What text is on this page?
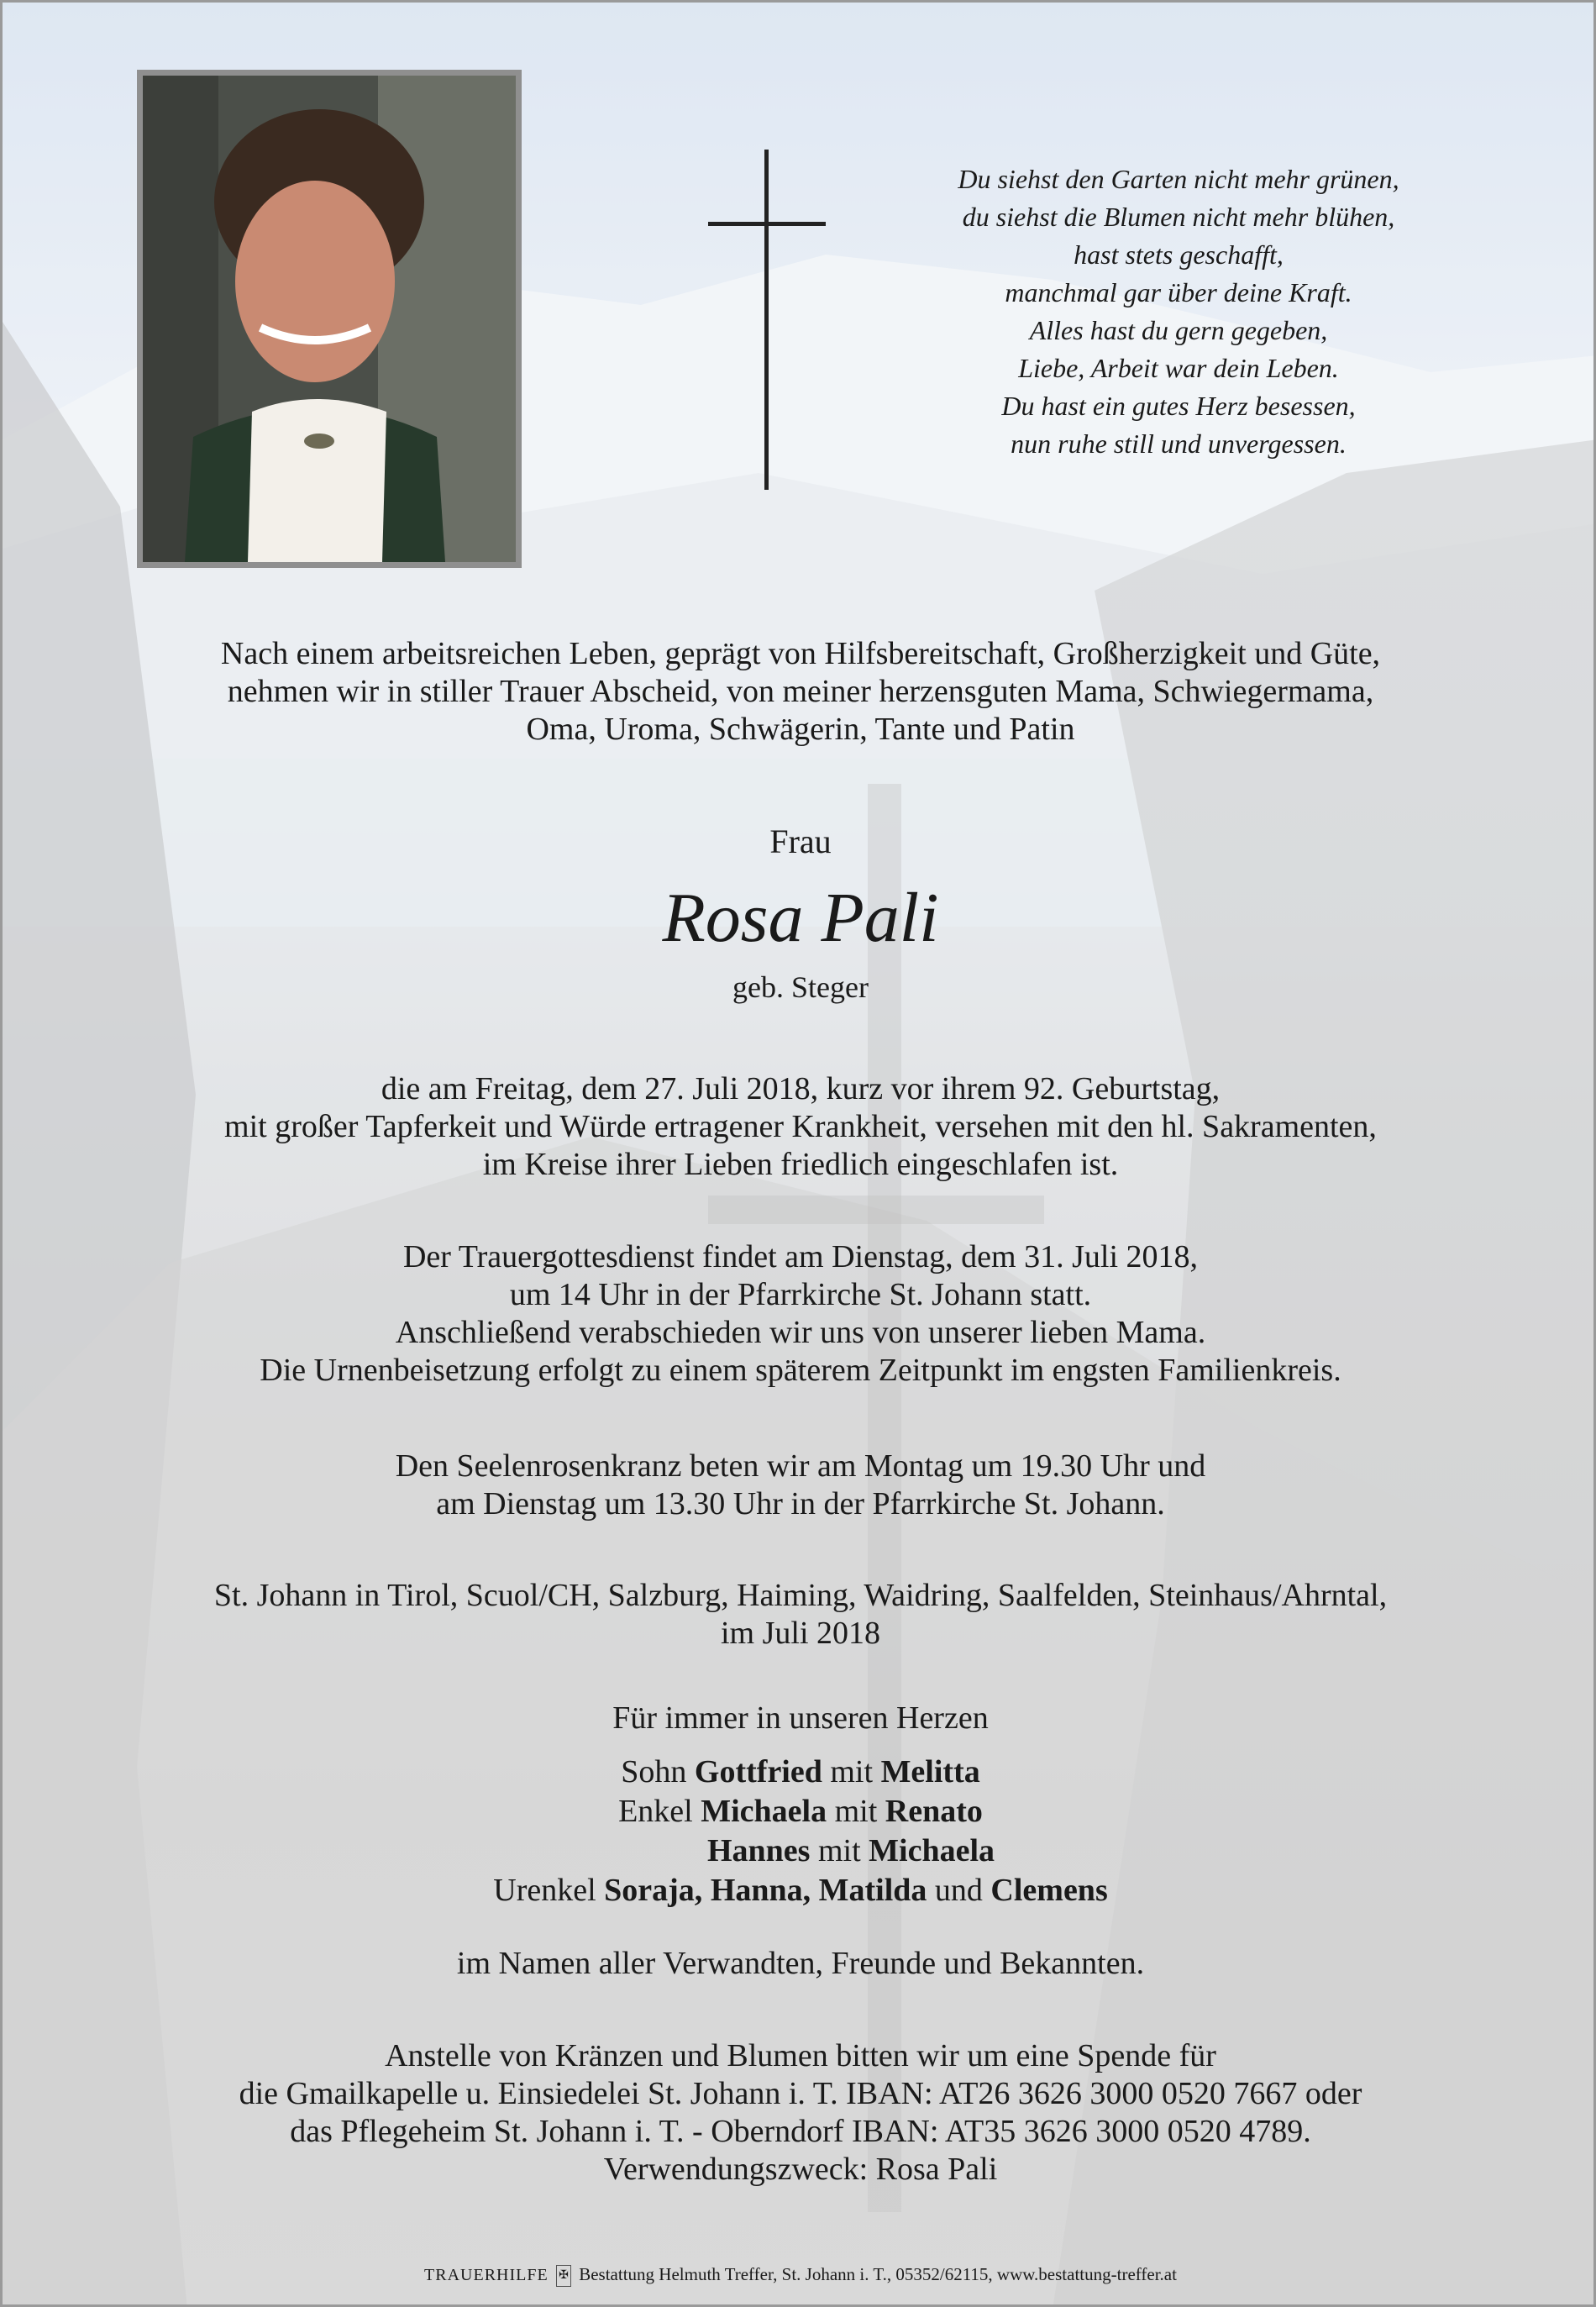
Du siehst den Garten nicht mehr grünen,
du siehst die Blumen nicht mehr blühen,
hast stets geschafft,
manchmal gar über deine Kraft.
Alles hast du gern gegeben,
Liebe, Arbeit war dein Leben.
Du hast ein gutes Herz besessen,
nun ruhe still und unvergessen.
Nach einem arbeitsreichen Leben, geprägt von Hilfsbereitschaft, Großherzigkeit und Güte,
nehmen wir in stiller Trauer Abscheid, von meiner herzensguten Mama, Schwiegermama,
Oma, Uroma, Schwägerin, Tante und Patin
Frau
Rosa Pali
geb. Steger
die am Freitag, dem 27. Juli 2018, kurz vor ihrem 92. Geburtstag,
mit großer Tapferkeit und Würde ertragener Krankheit, versehen mit den hl. Sakramenten,
im Kreise ihrer Lieben friedlich eingeschlafen ist.
Der Trauergottesdienst findet am Dienstag, dem 31. Juli 2018,
um 14 Uhr in der Pfarrkirche St. Johann statt.
Anschließend verabschieden wir uns von unserer lieben Mama.
Die Urnenbeisetzung erfolgt zu einem späterem Zeitpunkt im engsten Familienkreis.
Den Seelenrosenkranz beten wir am Montag um 19.30 Uhr und
am Dienstag um 13.30 Uhr in der Pfarrkirche St. Johann.
St. Johann in Tirol, Scuol/CH, Salzburg, Haiming, Waidring, Saalfelden, Steinhaus/Ahrntal,
im Juli 2018
Für immer in unseren Herzen
Sohn Gottfried mit Melitta
Enkel Michaela mit Renato
Hannes mit Michaela
Urenkel Soraja, Hanna, Matilda und Clemens
im Namen aller Verwandten, Freunde und Bekannten.
Anstelle von Kränzen und Blumen bitten wir um eine Spende für
die Gmailkapelle u. Einsiedelei St. Johann i. T. IBAN: AT26 3626 3000 0520 7667 oder
das Pflegeheim St. Johann i. T. - Oberndorf IBAN: AT35 3626 3000 0520 4789.
Verwendungszweck: Rosa Pali
TRAUERHILFE ✠ Bestattung Helmuth Treffer, St. Johann i. T., 05352/62115, www.bestattung-treffer.at
